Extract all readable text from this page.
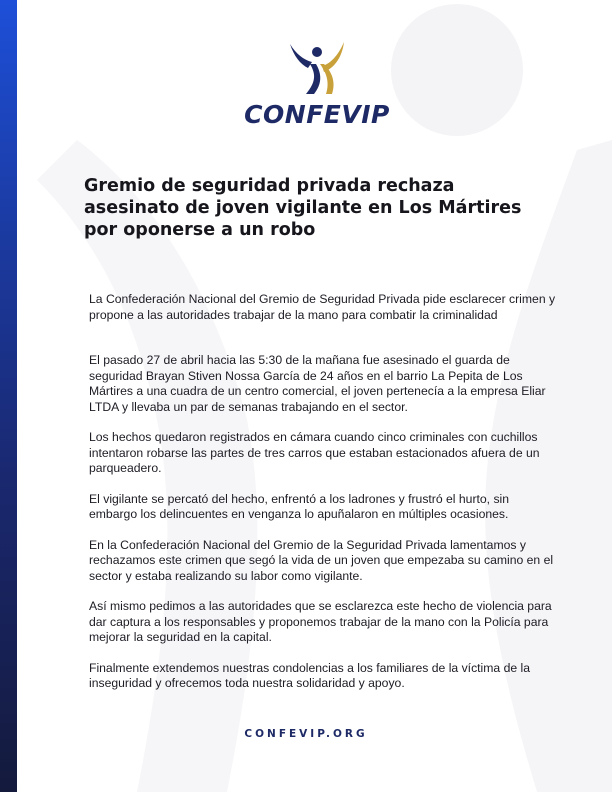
CONFEVIP
Gremio de seguridad privada rechaza asesinato de joven vigilante en Los Mártires por oponerse a un robo

La Confederación Nacional del Gremio de Seguridad Privada pide esclarecer crimen y propone a las autoridades trabajar de la mano para combatir la criminalidad

El pasado 27 de abril hacia las 5:30 de la mañana fue asesinado el guarda de seguridad Brayan Stiven Nossa García de 24 años en el barrio La Pepita de Los Mártires a una cuadra de un centro comercial, el joven pertenecía a la empresa Eliar LTDA y llevaba un par de semanas trabajando en el sector.

Los hechos quedaron registrados en cámara cuando cinco criminales con cuchillos intentaron robarse las partes de tres carros que estaban estacionados afuera de un parqueadero.

El vigilante se percató del hecho, enfrentó a los ladrones y frustró el hurto, sin embargo los delincuentes en venganza lo apuñalaron en múltiples ocasiones.

En la Confederación Nacional del Gremio de la Seguridad Privada lamentamos y rechazamos este crimen que segó la vida de un joven que empezaba su camino en el sector y estaba realizando su labor como vigilante.

Así mismo pedimos a las autoridades que se esclarezca este hecho de violencia para dar captura a los responsables y proponemos trabajar de la mano con la Policía para mejorar la seguridad en la capital.

Finalmente extendemos nuestras condolencias a los familiares de la víctima de la inseguridad y ofrecemos toda nuestra solidaridad y apoyo.

CONFEVIP.ORG
